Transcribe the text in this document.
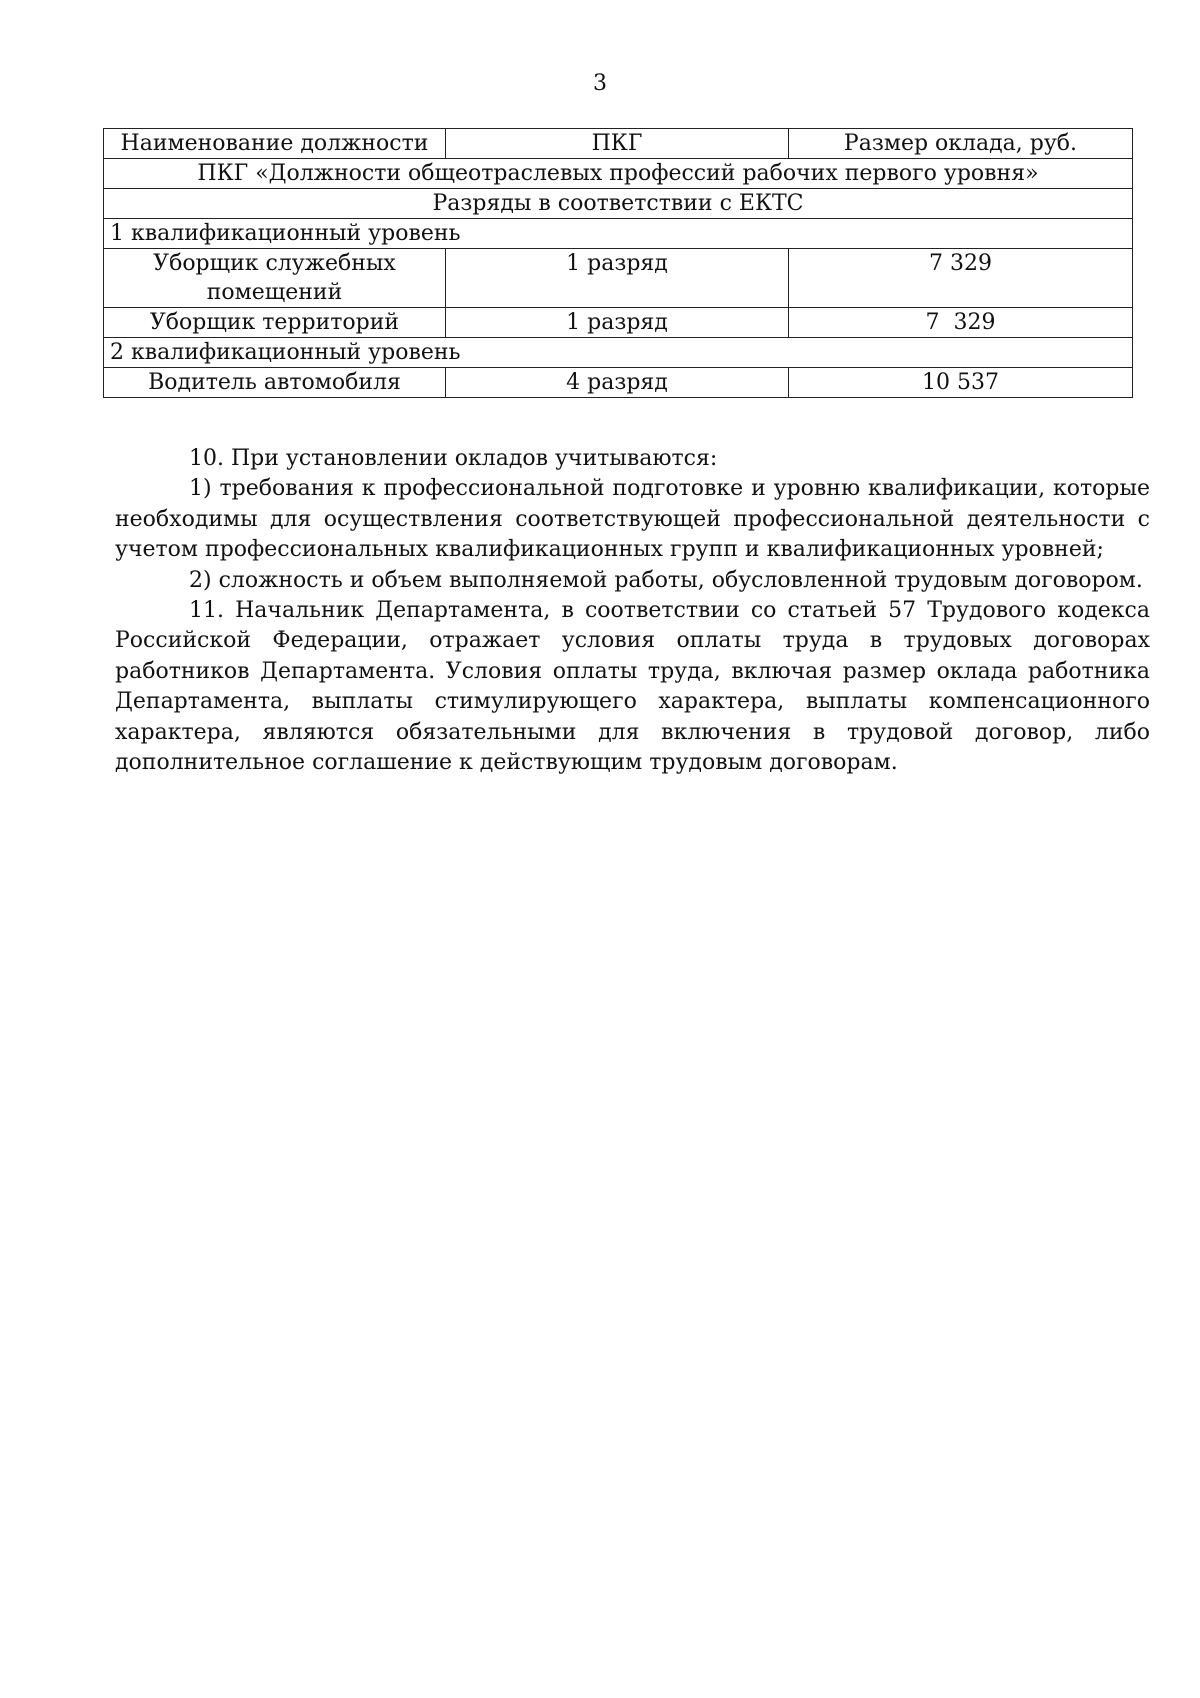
3
Наименование должности	ПКГ	Размер оклада, руб.
ПКГ «Должности общеотраслевых профессий рабочих первого уровня»		
Разряды в соответствии с ЕКТС		
1 квалификационный уровень		
Уборщик служебных помещений	1 разряд	7 329
Уборщик территорий	1 разряд	7  329
2 квалификационный уровень		
Водитель автомобиля	4 разряд	10 537

10. При установлении окладов учитываются:

1) требования к профессиональной подготовке и уровню квалификации, которые необходимы для осуществления соответствующей профессиональной деятельности с учетом профессиональных квалификационных групп и квалификационных уровней;

2) сложность и объем выполняемой работы, обусловленной трудовым договором.

11. Начальник Департамента, в соответствии со статьей 57 Трудового кодекса Российской Федерации, отражает условия оплаты труда в трудовых договорах работников Департамента. Условия оплаты труда, включая размер оклада работника Департамента, выплаты стимулирующего характера, выплаты компенсационного характера, являются обязательными для включения в трудовой договор, либо дополнительное соглашение к действующим трудовым договорам.
